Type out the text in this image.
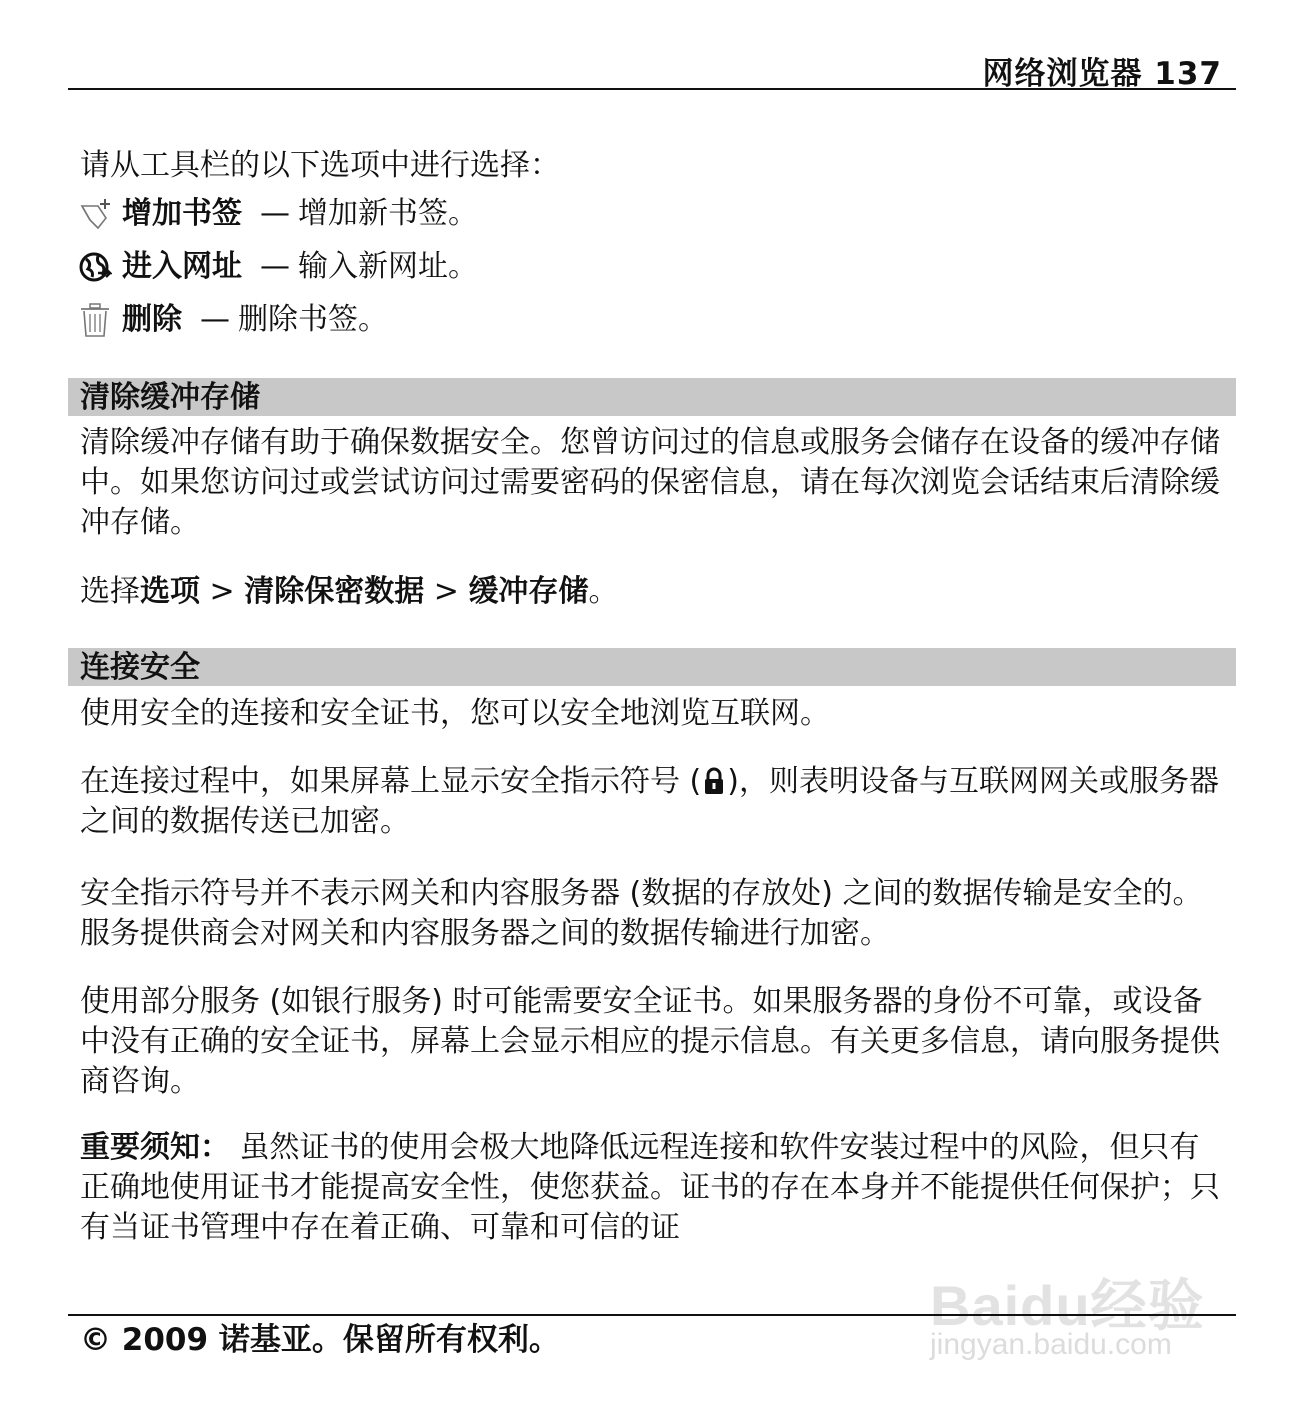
网络浏览器 137

请从工具栏的以下选项中进行选择：

增加书签 — 增加新书签。
进入网址 — 输入新网址。
删除 — 删除书签。
清除缓冲存储

清除缓冲存储有助于确保数据安全。您曾访问过的信息或服务会储存在设备的缓冲存储中。如果您访问过或尝试访问过需要密码的保密信息，请在每次浏览会话结束后清除缓冲存储。

选择选项 > 清除保密数据 > 缓冲存储。

连接安全

使用安全的连接和安全证书，您可以安全地浏览互联网。

在连接过程中，如果屏幕上显示安全指示符号 ( )，则表明设备与互联网网关或服务器之间的数据传送已加密。

安全指示符号并不表示网关和内容服务器 (数据的存放处) 之间的数据传输是安全的。服务提供商会对网关和内容服务器之间的数据传输进行加密。

使用部分服务 (如银行服务) 时可能需要安全证书。如果服务器的身份不可靠，或设备中没有正确的安全证书，屏幕上会显示相应的提示信息。有关更多信息，请向服务提供商咨询。

重要须知： 虽然证书的使用会极大地降低远程连接和软件安装过程中的风险，但只有正确地使用证书才能提高安全性，使您获益。证书的存在本身并不能提供任何保护；只有当证书管理中存在着正确、可靠和可信的证

Baidu经验
jingyan.baidu.com
© 2009 诺基亚。保留所有权利。
